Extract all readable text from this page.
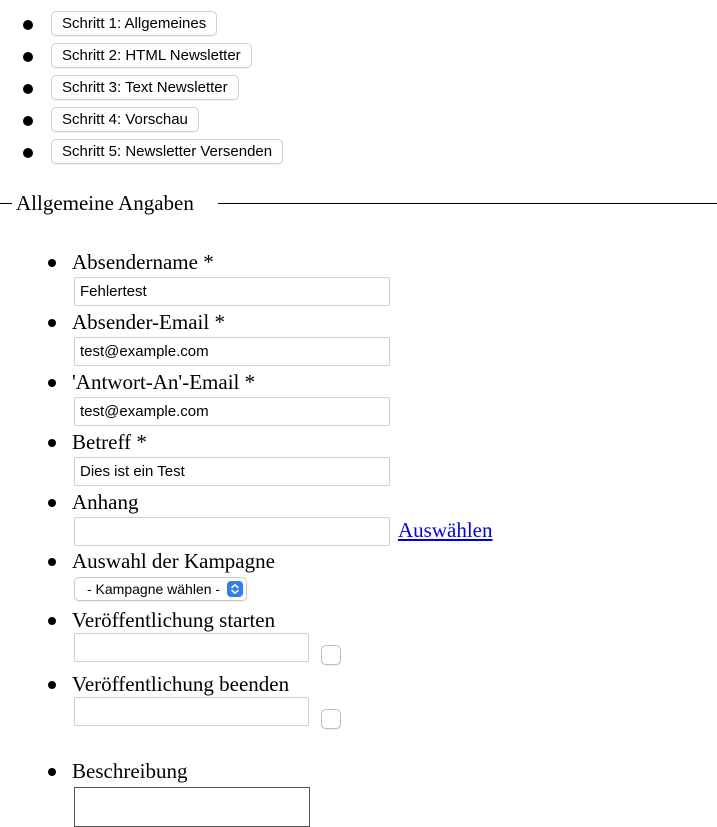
Schritt 1: Allgemeines
Schritt 2: HTML Newsletter
Schritt 3: Text Newsletter
Schritt 4: Vorschau
Schritt 5: Newsletter Versenden
Allgemeine Angaben
Absendername *
Fehlertest
Absender-Email *
test@example.com
'Antwort-An'-Email *
test@example.com
Betreff *
Dies ist ein Test
Anhang
Auswählen
Auswahl der Kampagne
- Kampagne wählen -
Veröffentlichung starten
Veröffentlichung beenden
Beschreibung
